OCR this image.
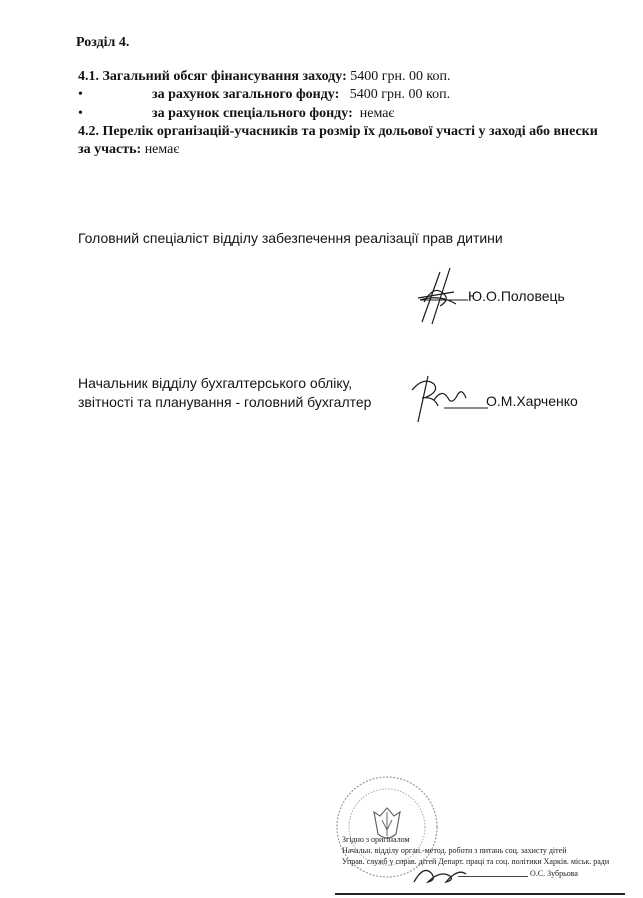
Розділ 4.
4.1. Загальний обсяг фінансування заходу: 5400 грн. 00 коп.
•	за рахунок загального фонду: 5400 грн. 00 коп.
•	за рахунок спеціального фонду: немає
4.2. Перелік організацій-учасників та розмір їх дольової участі у заході або внески за участь: немає
Головний спеціаліст відділу забезпечення реалізації прав дитини
Ю.О.Половець
Начальник відділу бухгалтерського обліку,
звітності та планування - головний бухгалтер	О.М.Харченко
Згідно з оригіналом
Начальн. відділу орган.-метод. роботи з питань соц. захисту дітей
Управ. служб у справ. дітей Департ. праці та соц. політики Харків. міськ. ради
О.С. Зубрьова
